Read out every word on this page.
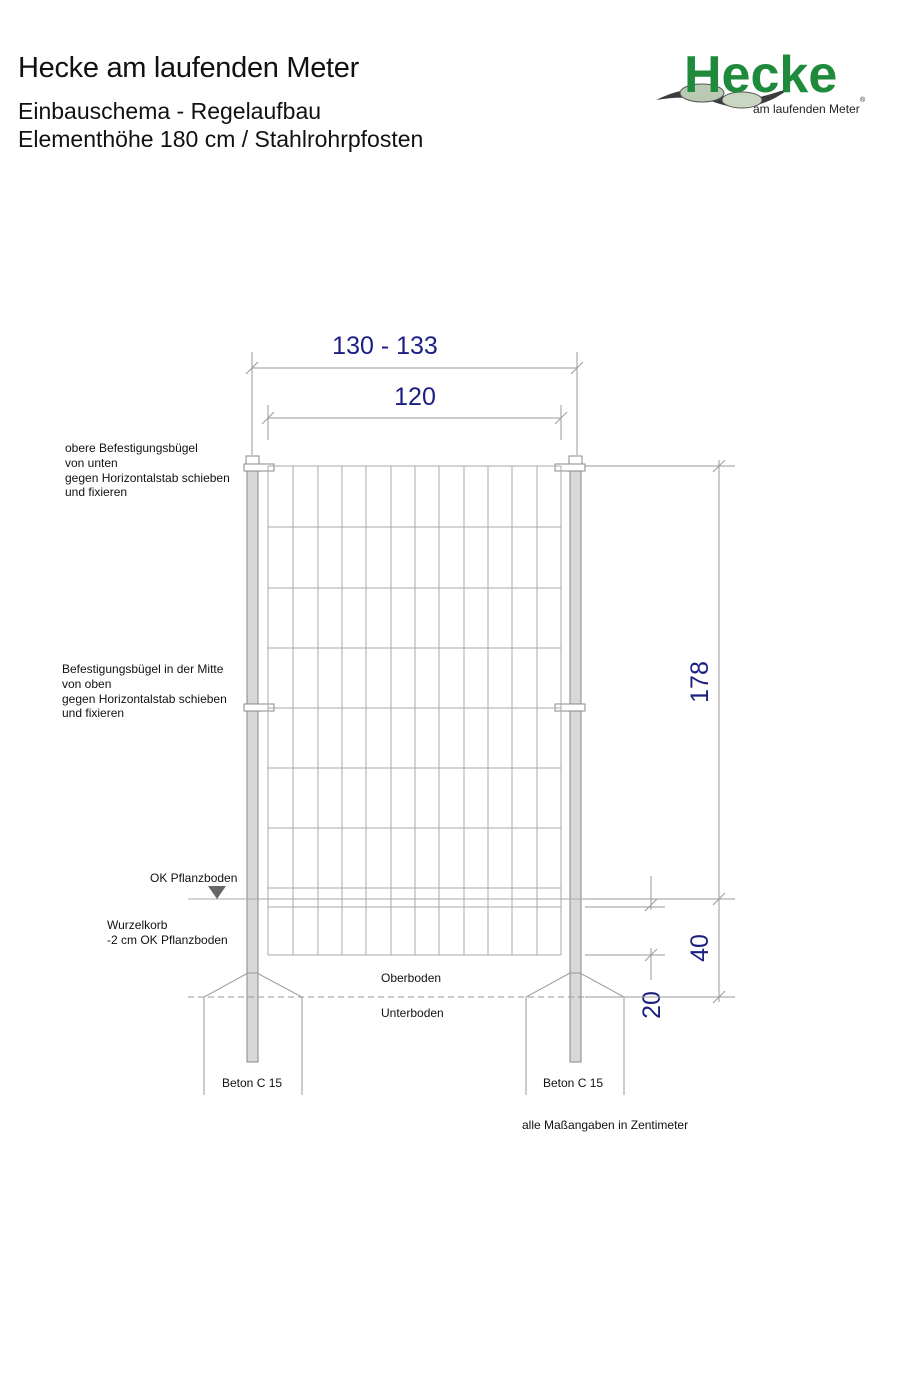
Hecke am laufenden Meter
Einbauschema - Regelaufbau
Elementhöhe 180 cm / Stahlrohrpfosten
Hecke	®
am laufenden Meter
130 - 133
120
178
40
20
obere Befestigungsbügel
von unten
gegen Horizontalstab schieben
und fixieren
Befestigungsbügel in der Mitte
von oben
gegen Horizontalstab schieben
und fixieren
OK Pflanzboden
Wurzelkorb
-2 cm OK Pflanzboden
Oberboden
Unterboden
Beton C 15	Beton C 15
alle Maßangaben in Zentimeter
